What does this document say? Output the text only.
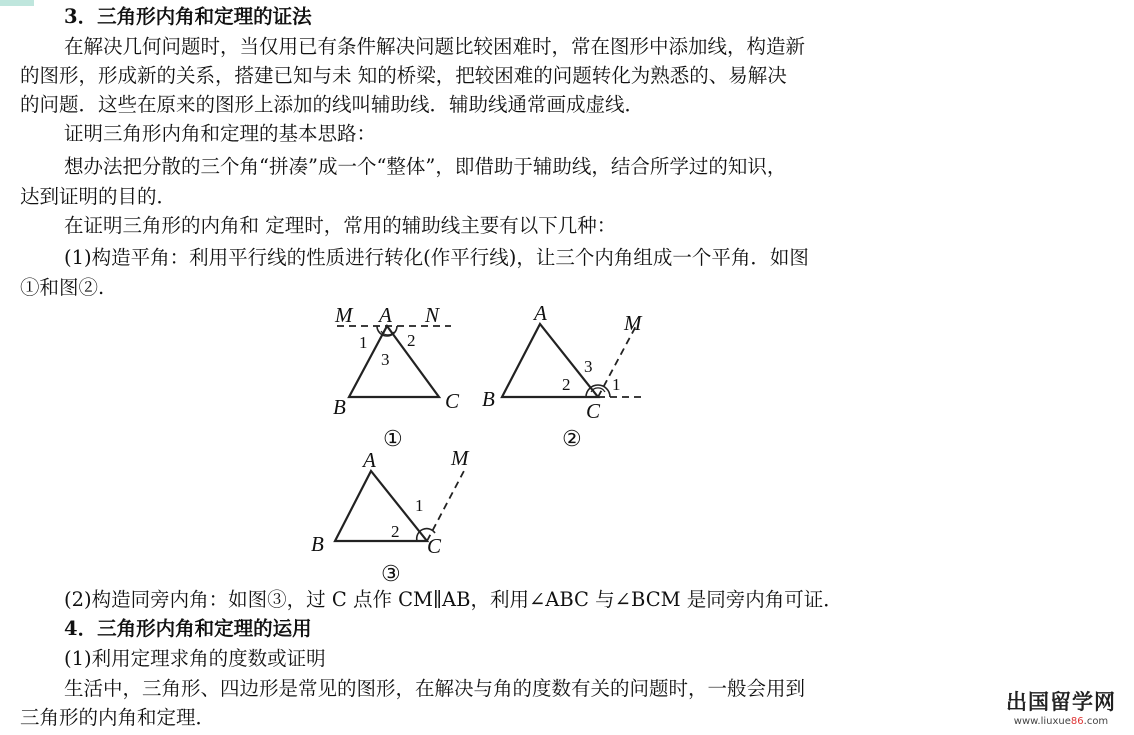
3．三角形内角和定理的证法
在解决几何问题时，当仅用已有条件解决问题比较困难时，常在图形中添加线，构造新
的图形，形成新的关系，搭建已知与未 知的桥梁，把较困难的问题转化为熟悉的、易解决
的问题．这些在原来的图形上添加的线叫辅助线．辅助线通常画成虚线．
证明三角形内角和定理的基本思路：
想办法把分散的三个角“拼凑”成一个“整体”，即借助于辅助线，结合所学过的知识，
达到证明的目的．
在证明三角形的内角和 定理时，常用的辅助线主要有以下几种：
(1)构造平角：利用平行线的性质进行转化(作平行线)，让三个内角组成一个平角．如图
①和图②.
M A N
1 2
3
B	C
①
A	M
3
2 1
B	C
②
A	M
1
2
B	C
③
(2)构造同旁内角：如图③，过 C 点作 CM∥AB，利用∠ABC 与∠BCM 是同旁内角可证．
4．三角形内角和定理的运用
(1)利用定理求角的度数或证明
生活中，三角形、四边形是常见的图形，在解决与角的度数有关的问题时，一般会用到
三角形的内角和定理．
出国留学网
www.liuxue86.com
